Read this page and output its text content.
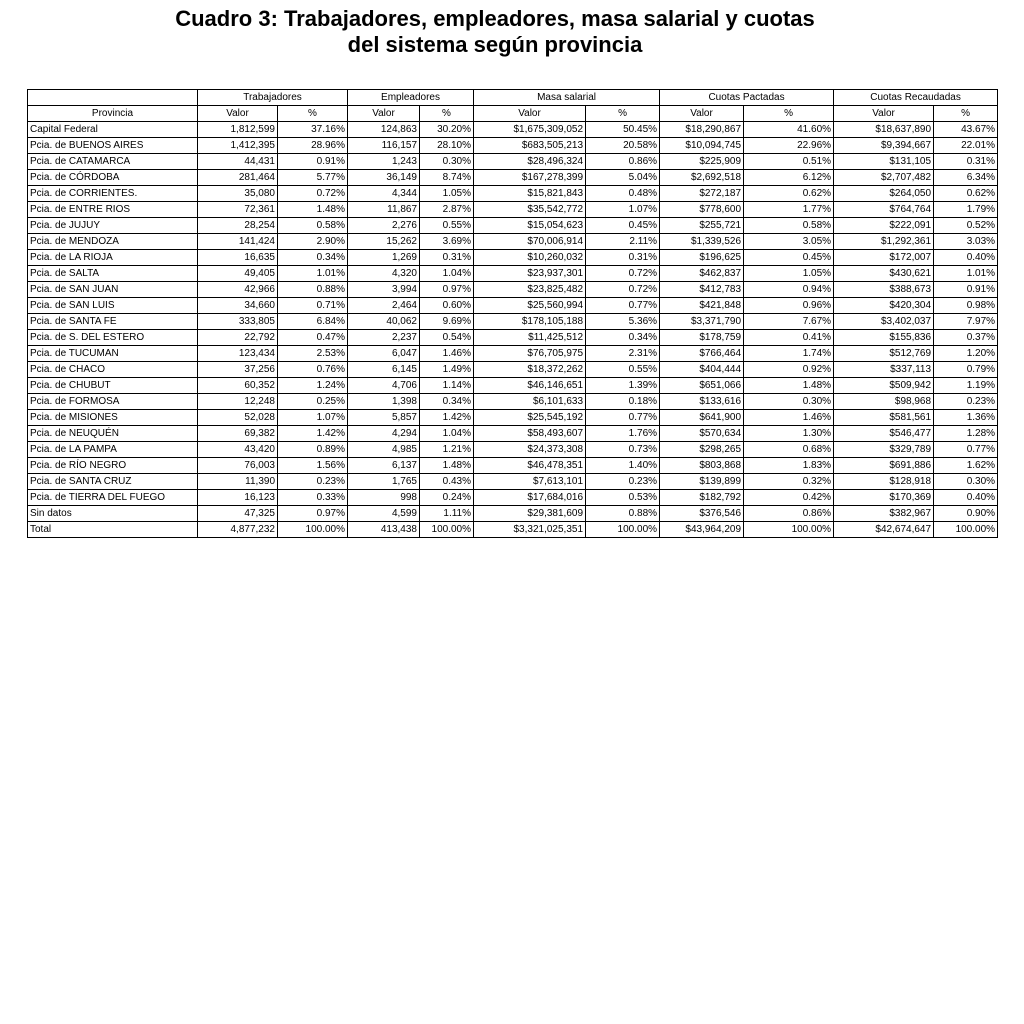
Cuadro 3: Trabajadores, empleadores, masa salarial y cuotas
del sistema según provincia
	Trabajadores		Empleadores		Masa salarial		Cuotas Pactadas		Cuotas Recaudadas	
Provincia	Valor	%	Valor	%	Valor	%	Valor	%	Valor	%
Capital Federal	1,812,599	37.16%	124,863	30.20%	$1,675,309,052	50.45%	$18,290,867	41.60%	$18,637,890	43.67%
Pcia. de BUENOS AIRES	1,412,395	28.96%	116,157	28.10%	$683,505,213	20.58%	$10,094,745	22.96%	$9,394,667	22.01%
Pcia. de CATAMARCA	44,431	0.91%	1,243	0.30%	$28,496,324	0.86%	$225,909	0.51%	$131,105	0.31%
Pcia. de CÓRDOBA	281,464	5.77%	36,149	8.74%	$167,278,399	5.04%	$2,692,518	6.12%	$2,707,482	6.34%
Pcia. de CORRIENTES.	35,080	0.72%	4,344	1.05%	$15,821,843	0.48%	$272,187	0.62%	$264,050	0.62%
Pcia. de ENTRE RIOS	72,361	1.48%	11,867	2.87%	$35,542,772	1.07%	$778,600	1.77%	$764,764	1.79%
Pcia. de JUJUY	28,254	0.58%	2,276	0.55%	$15,054,623	0.45%	$255,721	0.58%	$222,091	0.52%
Pcia. de MENDOZA	141,424	2.90%	15,262	3.69%	$70,006,914	2.11%	$1,339,526	3.05%	$1,292,361	3.03%
Pcia. de LA RIOJA	16,635	0.34%	1,269	0.31%	$10,260,032	0.31%	$196,625	0.45%	$172,007	0.40%
Pcia. de SALTA	49,405	1.01%	4,320	1.04%	$23,937,301	0.72%	$462,837	1.05%	$430,621	1.01%
Pcia. de SAN JUAN	42,966	0.88%	3,994	0.97%	$23,825,482	0.72%	$412,783	0.94%	$388,673	0.91%
Pcia. de SAN LUIS	34,660	0.71%	2,464	0.60%	$25,560,994	0.77%	$421,848	0.96%	$420,304	0.98%
Pcia. de SANTA FE	333,805	6.84%	40,062	9.69%	$178,105,188	5.36%	$3,371,790	7.67%	$3,402,037	7.97%
Pcia. de S. DEL ESTERO	22,792	0.47%	2,237	0.54%	$11,425,512	0.34%	$178,759	0.41%	$155,836	0.37%
Pcia. de TUCUMAN	123,434	2.53%	6,047	1.46%	$76,705,975	2.31%	$766,464	1.74%	$512,769	1.20%
Pcia. de CHACO	37,256	0.76%	6,145	1.49%	$18,372,262	0.55%	$404,444	0.92%	$337,113	0.79%
Pcia. de CHUBUT	60,352	1.24%	4,706	1.14%	$46,146,651	1.39%	$651,066	1.48%	$509,942	1.19%
Pcia. de FORMOSA	12,248	0.25%	1,398	0.34%	$6,101,633	0.18%	$133,616	0.30%	$98,968	0.23%
Pcia. de MISIONES	52,028	1.07%	5,857	1.42%	$25,545,192	0.77%	$641,900	1.46%	$581,561	1.36%
Pcia. de NEUQUÉN	69,382	1.42%	4,294	1.04%	$58,493,607	1.76%	$570,634	1.30%	$546,477	1.28%
Pcia. de LA PAMPA	43,420	0.89%	4,985	1.21%	$24,373,308	0.73%	$298,265	0.68%	$329,789	0.77%
Pcia. de RÍO NEGRO	76,003	1.56%	6,137	1.48%	$46,478,351	1.40%	$803,868	1.83%	$691,886	1.62%
Pcia. de SANTA CRUZ	11,390	0.23%	1,765	0.43%	$7,613,101	0.23%	$139,899	0.32%	$128,918	0.30%
Pcia. de TIERRA DEL FUEGO	16,123	0.33%	998	0.24%	$17,684,016	0.53%	$182,792	0.42%	$170,369	0.40%
Sin datos	47,325	0.97%	4,599	1.11%	$29,381,609	0.88%	$376,546	0.86%	$382,967	0.90%
Total	4,877,232	100.00%	413,438	100.00%	$3,321,025,351	100.00%	$43,964,209	100.00%	$42,674,647	100.00%
